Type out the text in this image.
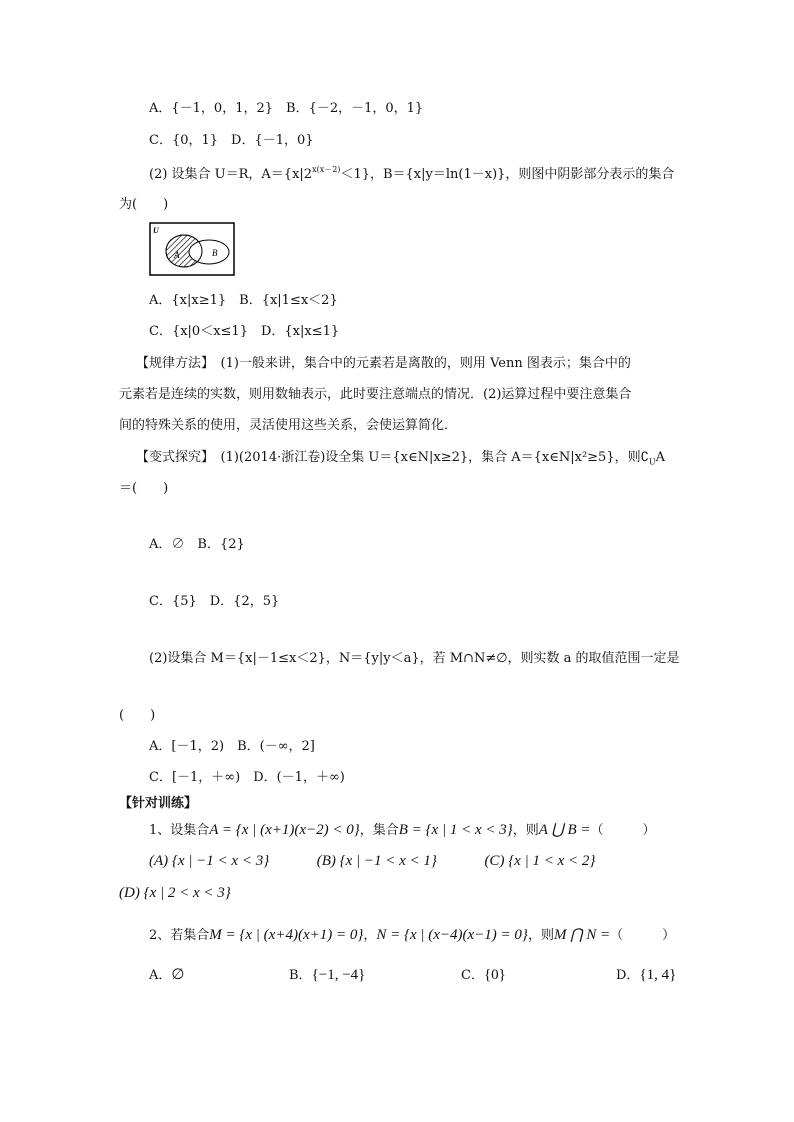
A．{－1，0，1，2}　B．{－2，－1，0，1}
C．{0，1}　D．{－1，0}
(2) 设集合 U＝R，$A=\{x|2^{x(x-2)}<1\}$，B＝{x|y＝ln(1－x)}，则图中阴影部分表示的集合
为(　　)
U
A	B
A．{x|x≥1}　B．{x|1≤x＜2}
C．{x|0＜x≤1}　D．{x|x≤1}
【规律方法】　(1)一般来讲，集合中的元素若是离散的，则用 Venn 图表示；集合中的
元素若是连续的实数，则用数轴表示，此时要注意端点的情况．(2)运算过程中要注意集合
间的特殊关系的使用，灵活使用这些关系，会使运算简化．
【变式探究】　(1)(2014·浙江卷)设全集 U＝{x∈N|x≥2}，集合 A＝{x∈N|x²≥5}，则$∁_UA$
＝(　　)
A．∅　B．{2}
C．{5}　D．{2，5}
(2)设集合 M＝{x|－1≤x＜2}，N＝{y|y＜a}，若 M∩N≠∅，则实数 a 的取值范围一定是
(　　)
A．[－1，2)　B．(－∞，2]
C．[－1，＋∞)　D．(－1，＋∞)
【针对训练】
1、设集合A = {x | (x+1)(x−2) < 0}，集合B = {x | 1 < x < 3}，则A ⋃ B =（　　　）
(A) {x | −1 < x < 3}	(B) {x | −1 < x < 1}	(C) {x | 1 < x < 2}
(D) {x | 2 < x < 3}
2、若集合M = {x | (x+4)(x+1) = 0}，N = {x | (x−4)(x−1) = 0}，则M ⋂ N =（　　　）
A．∅	B．{−1, −4}	C．{0}	D．{1, 4}
